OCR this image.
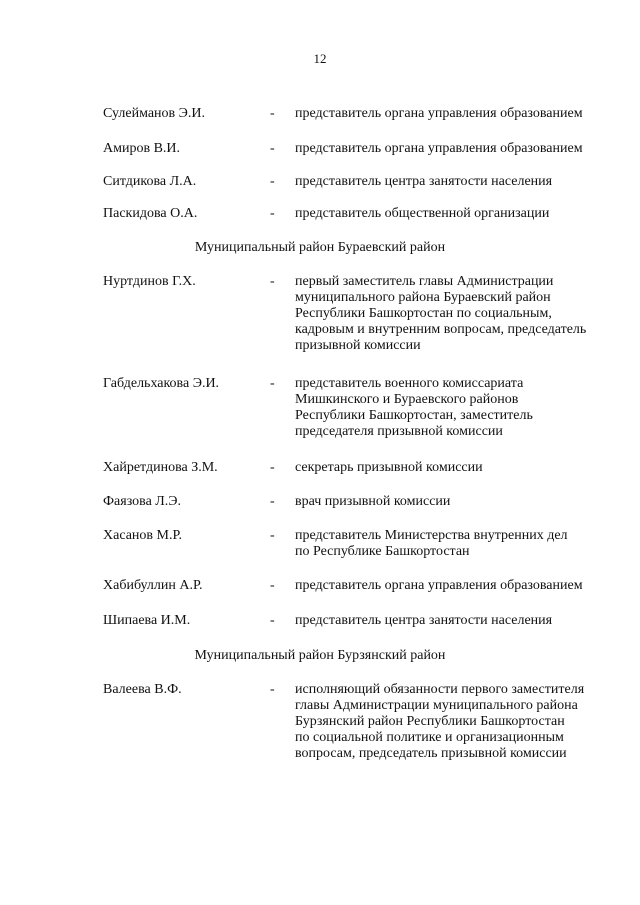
12
Сулейманов Э.И.	- представитель органа управления образованием
Амиров В.И.	- представитель органа управления образованием
Ситдикова Л.А.	- представитель центра занятости населения
Паскидова О.А.	- представитель общественной организации
Муниципальный район Бураевский район
Нуртдинов Г.Х.	- первый заместитель главы Администрации
муниципального района Бураевский район
Республики Башкортостан по социальным,
кадровым и внутренним вопросам, председатель
призывной комиссии
Габдельхакова Э.И.	- представитель военного комиссариата
Мишкинского и Бураевского районов
Республики Башкортостан, заместитель
председателя призывной комиссии
Хайретдинова З.М.	- секретарь призывной комиссии
Фаязова Л.Э.	- врач призывной комиссии
Хасанов М.Р.	- представитель Министерства внутренних дел
по Республике Башкортостан
Хабибуллин А.Р.	- представитель органа управления образованием
Шипаева И.М.	- представитель центра занятости населения
Муниципальный район Бурзянский район
Валеева В.Ф.	- исполняющий обязанности первого заместителя
главы Администрации муниципального района
Бурзянский район Республики Башкортостан
по социальной политике и организационным
вопросам, председатель призывной комиссии
